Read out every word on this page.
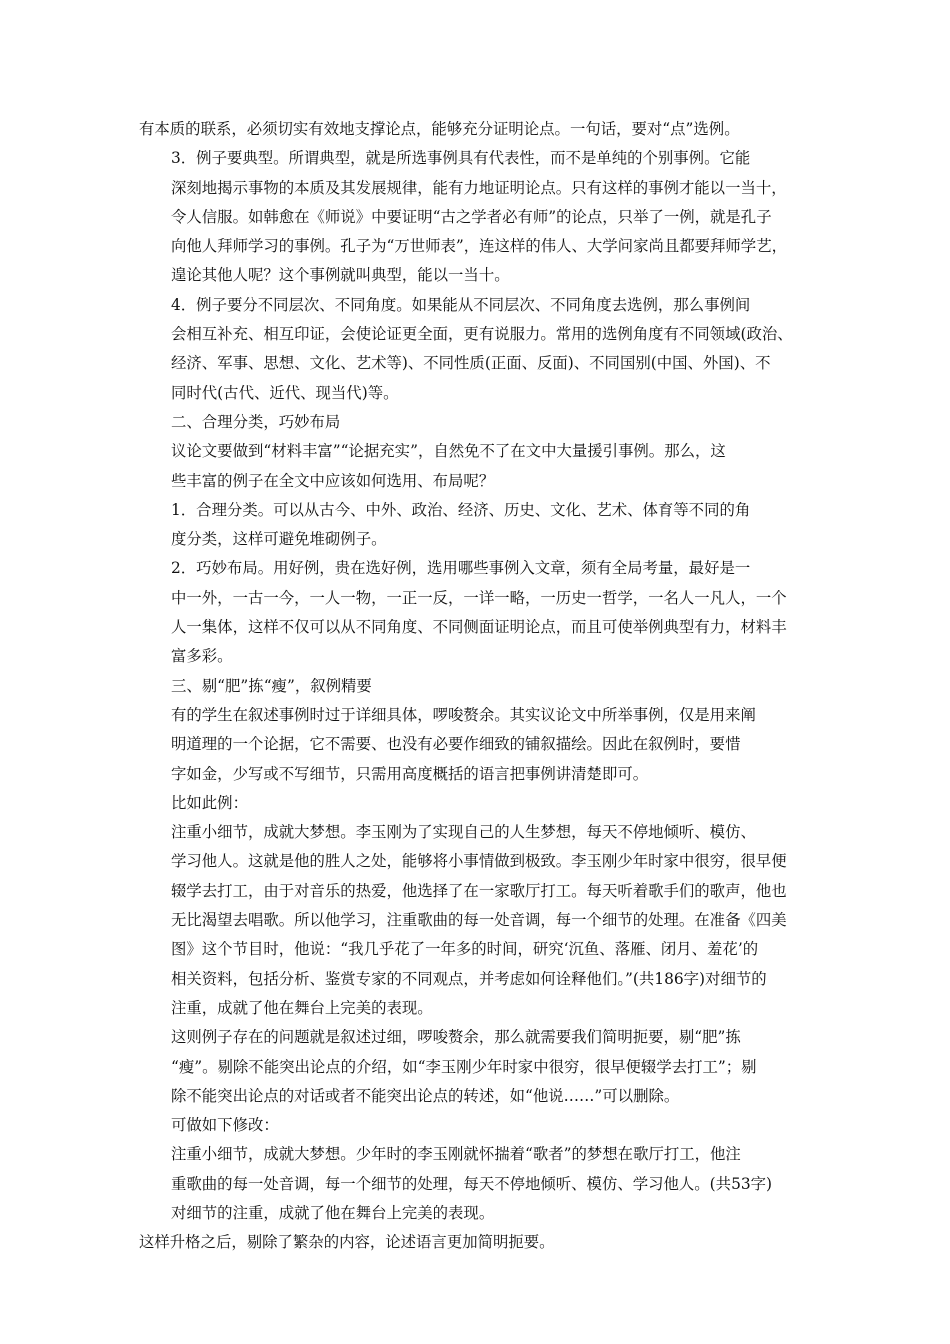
有本质的联系，必须切实有效地支撑论点，能够充分证明论点。一句话，要对“点”选例。

3．例子要典型。所谓典型，就是所选事例具有代表性，而不是单纯的个别事例。它能
深刻地揭示事物的本质及其发展规律，能有力地证明论点。只有这样的事例才能以一当十，
令人信服。如韩愈在《师说》中要证明“古之学者必有师”的论点，只举了一例，就是孔子
向他人拜师学习的事例。孔子为“万世师表”，连这样的伟人、大学问家尚且都要拜师学艺，
遑论其他人呢？这个事例就叫典型，能以一当十。

4．例子要分不同层次、不同角度。如果能从不同层次、不同角度去选例，那么事例间
会相互补充、相互印证，会使论证更全面，更有说服力。常用的选例角度有不同领域(政治、
经济、军事、思想、文化、艺术等)、不同性质(正面、反面)、不同国别(中国、外国)、不
同时代(古代、近代、现当代)等。

二、合理分类，巧妙布局

议论文要做到“材料丰富”“论据充实”，自然免不了在文中大量援引事例。那么，这
些丰富的例子在全文中应该如何选用、布局呢？

1．合理分类。可以从古今、中外、政治、经济、历史、文化、艺术、体育等不同的角
度分类，这样可避免堆砌例子。

2．巧妙布局。用好例，贵在选好例，选用哪些事例入文章，须有全局考量，最好是一
中一外，一古一今，一人一物，一正一反，一详一略，一历史一哲学，一名人一凡人，一个
人一集体，这样不仅可以从不同角度、不同侧面证明论点，而且可使举例典型有力，材料丰
富多彩。

三、剔“肥”拣“瘦”，叙例精要

有的学生在叙述事例时过于详细具体，啰唆赘余。其实议论文中所举事例，仅是用来阐
明道理的一个论据，它不需要、也没有必要作细致的铺叙描绘。因此在叙例时，要惜
字如金，少写或不写细节，只需用高度概括的语言把事例讲清楚即可。

比如此例：

注重小细节，成就大梦想。李玉刚为了实现自己的人生梦想，每天不停地倾听、模仿、
学习他人。这就是他的胜人之处，能够将小事情做到极致。李玉刚少年时家中很穷，很早便
辍学去打工，由于对音乐的热爱，他选择了在一家歌厅打工。每天听着歌手们的歌声，他也
无比渴望去唱歌。所以他学习，注重歌曲的每一处音调，每一个细节的处理。在准备《四美
图》这个节目时，他说：“我几乎花了一年多的时间，研究‘沉鱼、落雁、闭月、羞花’的
相关资料，包括分析、鉴赏专家的不同观点，并考虑如何诠释他们。”(共186字)对细节的
注重，成就了他在舞台上完美的表现。

这则例子存在的问题就是叙述过细，啰唆赘余，那么就需要我们简明扼要，剔“肥”拣
“瘦”。剔除不能突出论点的介绍，如“李玉刚少年时家中很穷，很早便辍学去打工”；剔
除不能突出论点的对话或者不能突出论点的转述，如“他说……”可以删除。

可做如下修改：

注重小细节，成就大梦想。少年时的李玉刚就怀揣着“歌者”的梦想在歌厅打工，他注
重歌曲的每一处音调，每一个细节的处理，每天不停地倾听、模仿、学习他人。(共53字)
对细节的注重，成就了他在舞台上完美的表现。

这样升格之后，剔除了繁杂的内容，论述语言更加简明扼要。
